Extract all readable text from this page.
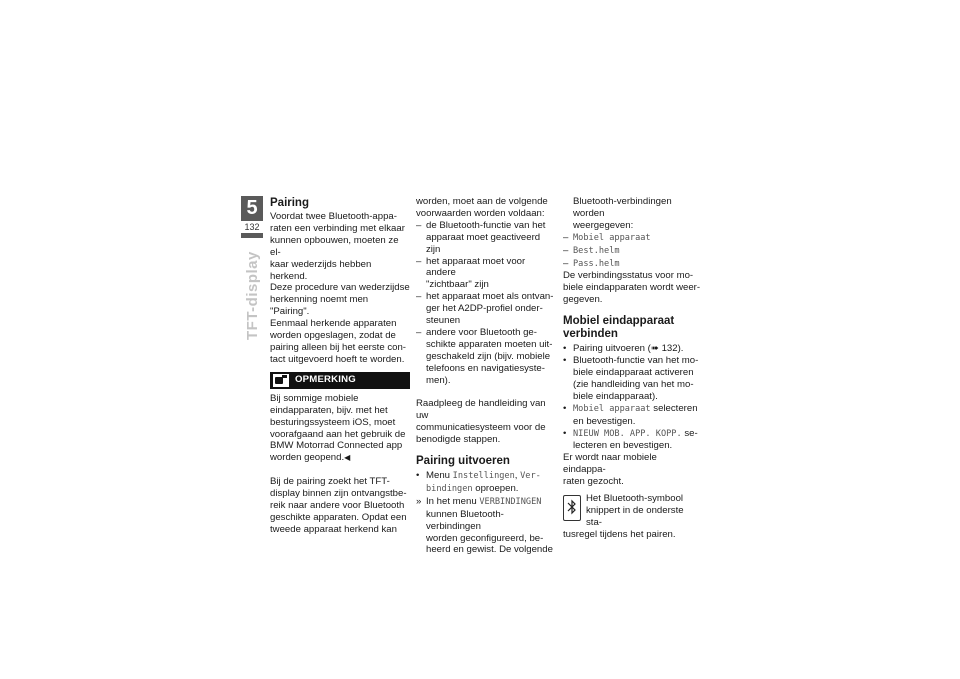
5
132
TFT-display
Pairing

Voordat twee Bluetooth-appa-
raten een verbinding met elkaar
kunnen opbouwen, moeten ze el-
kaar wederzijds hebben herkend.
Deze procedure van wederzijdse
herkenning noemt men "Pairing".
Eenmaal herkende apparaten
worden opgeslagen, zodat de
pairing alleen bij het eerste con-
tact uitgevoerd hoeft te worden.

OPMERKING

Bij sommige mobiele
eindapparaten, bijv. met het
besturingssysteem iOS, moet
voorafgaand aan het gebruik de
BMW Motorrad Connected app
worden geopend.◀

Bij de pairing zoekt het TFT-
display binnen zijn ontvangstbe-
reik naar andere voor Bluetooth
geschikte apparaten. Opdat een
tweede apparaat herkend kan

worden, moet aan de volgende
voorwaarden worden voldaan:

– de Bluetooth-functie van het
apparaat moet geactiveerd zijn
– het apparaat moet voor andere
"zichtbaar" zijn
– het apparaat moet als ontvan-
ger het A2DP-profiel onder-
steunen
– andere voor Bluetooth ge-
schikte apparaten moeten uit-
geschakeld zijn (bijv. mobiele
telefoons en navigatiesyste-
men).

Raadpleeg de handleiding van uw
communicatiesysteem voor de
benodigde stappen.

Pairing uitvoeren
• Menu Instellingen, Ver-
bindingen oproepen.
» In het menu VERBINDINGEN
kunnen Bluetooth-verbindingen
worden geconfigureerd, be-
heerd en gewist. De volgende
Bluetooth-verbindingen worden
weergegeven:
– Mobiel apparaat
– Best.helm
– Pass.helm

De verbindingsstatus voor mo-
biele eindapparaten wordt weer-
gegeven.

Mobiel eindapparaat
verbinden
• Pairing uitvoeren (➠ 132).
• Bluetooth-functie van het mo-
biele eindapparaat activeren
(zie handleiding van het mo-
biele eindapparaat).
• Mobiel apparaat selecteren
en bevestigen.
• NIEUW MOB. APP. KOPP. se-
lecteren en bevestigen.

Er wordt naar mobiele eindappa-
raten gezocht.

Het Bluetooth-symbool
knippert in de onderste sta-
tusregel tijdens het pairen.
